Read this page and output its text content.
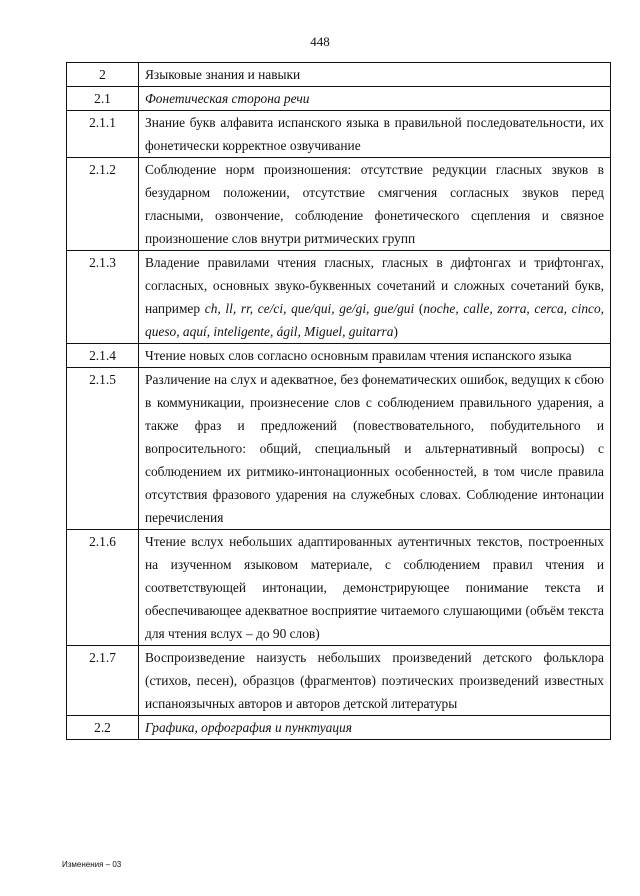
448
2	Языковые знания и навыки
2.1	Фонетическая сторона речи
2.1.1	Знание букв алфавита испанского языка в правильной последовательности, их фонетически корректное озвучивание
2.1.2	Соблюдение норм произношения: отсутствие редукции гласных звуков в безударном положении, отсутствие смягчения согласных звуков перед гласными, озвончение, соблюдение фонетического сцепления и связное произношение слов внутри ритмических групп
2.1.3	Владение правилами чтения гласных, гласных в дифтонгах и трифтонгах, согласных, основных звуко-буквенных сочетаний и сложных сочетаний букв, например ch, ll, rr, ce/ci, que/qui, ge/gi, gue/gui (noche, calle, zorra, cerca, cinco, queso, aquí, inteligente, ágil, Miguel, guitarra)
2.1.4	Чтение новых слов согласно основным правилам чтения испанского языка
2.1.5	Различение на слух и адекватное, без фонематических ошибок, ведущих к сбою в коммуникации, произнесение слов с соблюдением правильного ударения, а также фраз и предложений (повествовательного, побудительного и вопросительного: общий, специальный и альтернативный вопросы) с соблюдением их ритмико-интонационных особенностей, в том числе правила отсутствия фразового ударения на служебных словах. Соблюдение интонации перечисления
2.1.6	Чтение вслух небольших адаптированных аутентичных текстов, построенных на изученном языковом материале, с соблюдением правил чтения и соответствующей интонации, демонстрирующее понимание текста и обеспечивающее адекватное восприятие читаемого слушающими (объём текста для чтения вслух – до 90 слов)
2.1.7	Воспроизведение наизусть небольших произведений детского фольклора (стихов, песен), образцов (фрагментов) поэтических произведений известных испаноязычных авторов и авторов детской литературы
2.2	Графика, орфография и пунктуация
Изменения – 03
